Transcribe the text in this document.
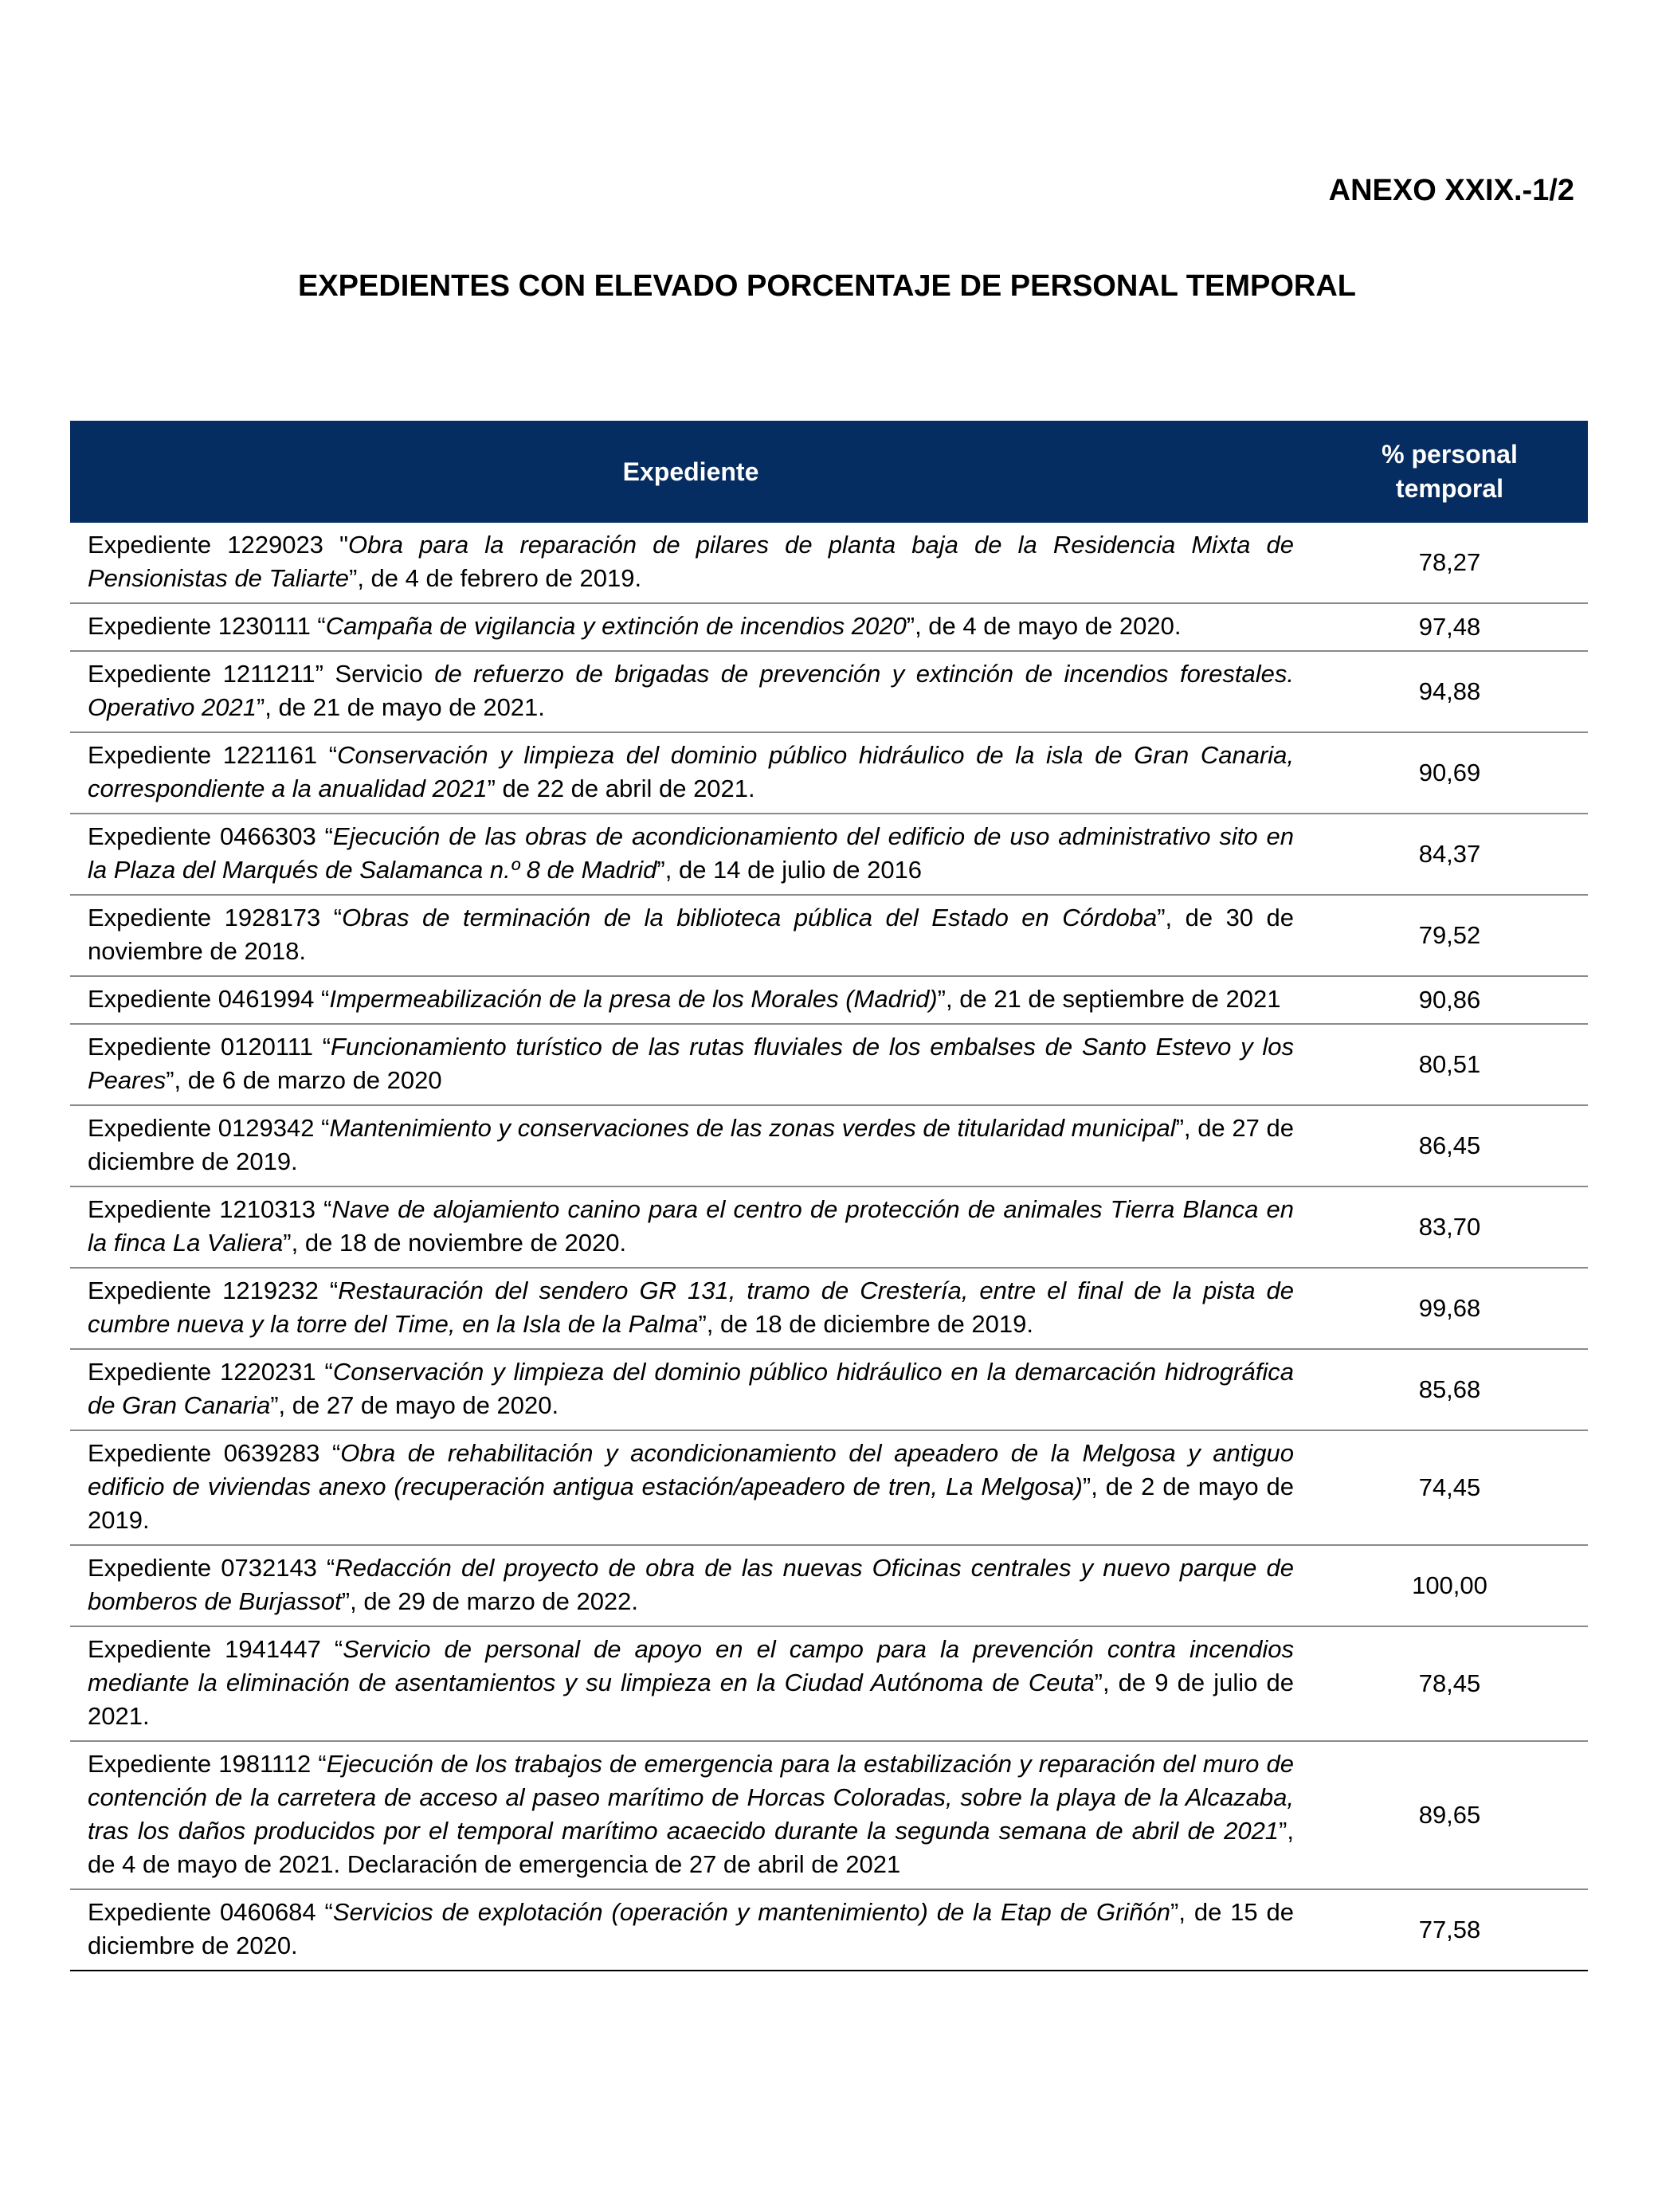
ANEXO XXIX.-1/2
EXPEDIENTES CON ELEVADO PORCENTAJE DE PERSONAL TEMPORAL
Expediente	% personal
temporal
Expediente 1229023 "Obra para la reparación de pilares de planta baja de la Residencia Mixta de Pensionistas de Taliarte”, de 4 de febrero de 2019.	78,27
Expediente 1230111 “Campaña de vigilancia y extinción de incendios 2020”, de 4 de mayo de 2020.	97,48
Expediente 1211211” Servicio de refuerzo de brigadas de prevención y extinción de incendios forestales. Operativo 2021”, de 21 de mayo de 2021.	94,88
Expediente 1221161 “Conservación y limpieza del dominio público hidráulico de la isla de Gran Canaria, correspondiente a la anualidad 2021” de 22 de abril de 2021.	90,69
Expediente 0466303 “Ejecución de las obras de acondicionamiento del edificio de uso administrativo sito en la Plaza del Marqués de Salamanca n.º 8 de Madrid”, de 14 de julio de 2016	84,37
Expediente 1928173 “Obras de terminación de la biblioteca pública del Estado en Córdoba”, de 30 de noviembre de 2018.	79,52
Expediente 0461994 “Impermeabilización de la presa de los Morales (Madrid)”, de 21 de septiembre de 2021	90,86
Expediente 0120111 “Funcionamiento turístico de las rutas fluviales de los embalses de Santo Estevo y los Peares”, de 6 de marzo de 2020	80,51
Expediente 0129342 “Mantenimiento y conservaciones de las zonas verdes de titularidad municipal”, de 27 de diciembre de 2019.	86,45
Expediente 1210313 “Nave de alojamiento canino para el centro de protección de animales Tierra Blanca en la finca La Valiera”, de 18 de noviembre de 2020.	83,70
Expediente 1219232 “Restauración del sendero GR 131, tramo de Crestería, entre el final de la pista de cumbre nueva y la torre del Time, en la Isla de la Palma”, de 18 de diciembre de 2019.	99,68
Expediente 1220231 “Conservación y limpieza del dominio público hidráulico en la demarcación hidrográfica de Gran Canaria”, de 27 de mayo de 2020.	85,68
Expediente 0639283 “Obra de rehabilitación y acondicionamiento del apeadero de la Melgosa y antiguo edificio de viviendas anexo (recuperación antigua estación/apeadero de tren, La Melgosa)”, de 2 de mayo de 2019.	74,45
Expediente 0732143 “Redacción del proyecto de obra de las nuevas Oficinas centrales y nuevo parque de bomberos de Burjassot”, de 29 de marzo de 2022.	100,00
Expediente 1941447 “Servicio de personal de apoyo en el campo para la prevención contra incendios mediante la eliminación de asentamientos y su limpieza en la Ciudad Autónoma de Ceuta”, de 9 de julio de 2021.	78,45
Expediente 1981112 “Ejecución de los trabajos de emergencia para la estabilización y reparación del muro de contención de la carretera de acceso al paseo marítimo de Horcas Coloradas, sobre la playa de la Alcazaba, tras los daños producidos por el temporal marítimo acaecido durante la segunda semana de abril de 2021”, de 4 de mayo de 2021. Declaración de emergencia de 27 de abril de 2021	89,65
Expediente 0460684 “Servicios de explotación (operación y mantenimiento) de la Etap de Griñón”, de 15 de diciembre de 2020.	77,58
